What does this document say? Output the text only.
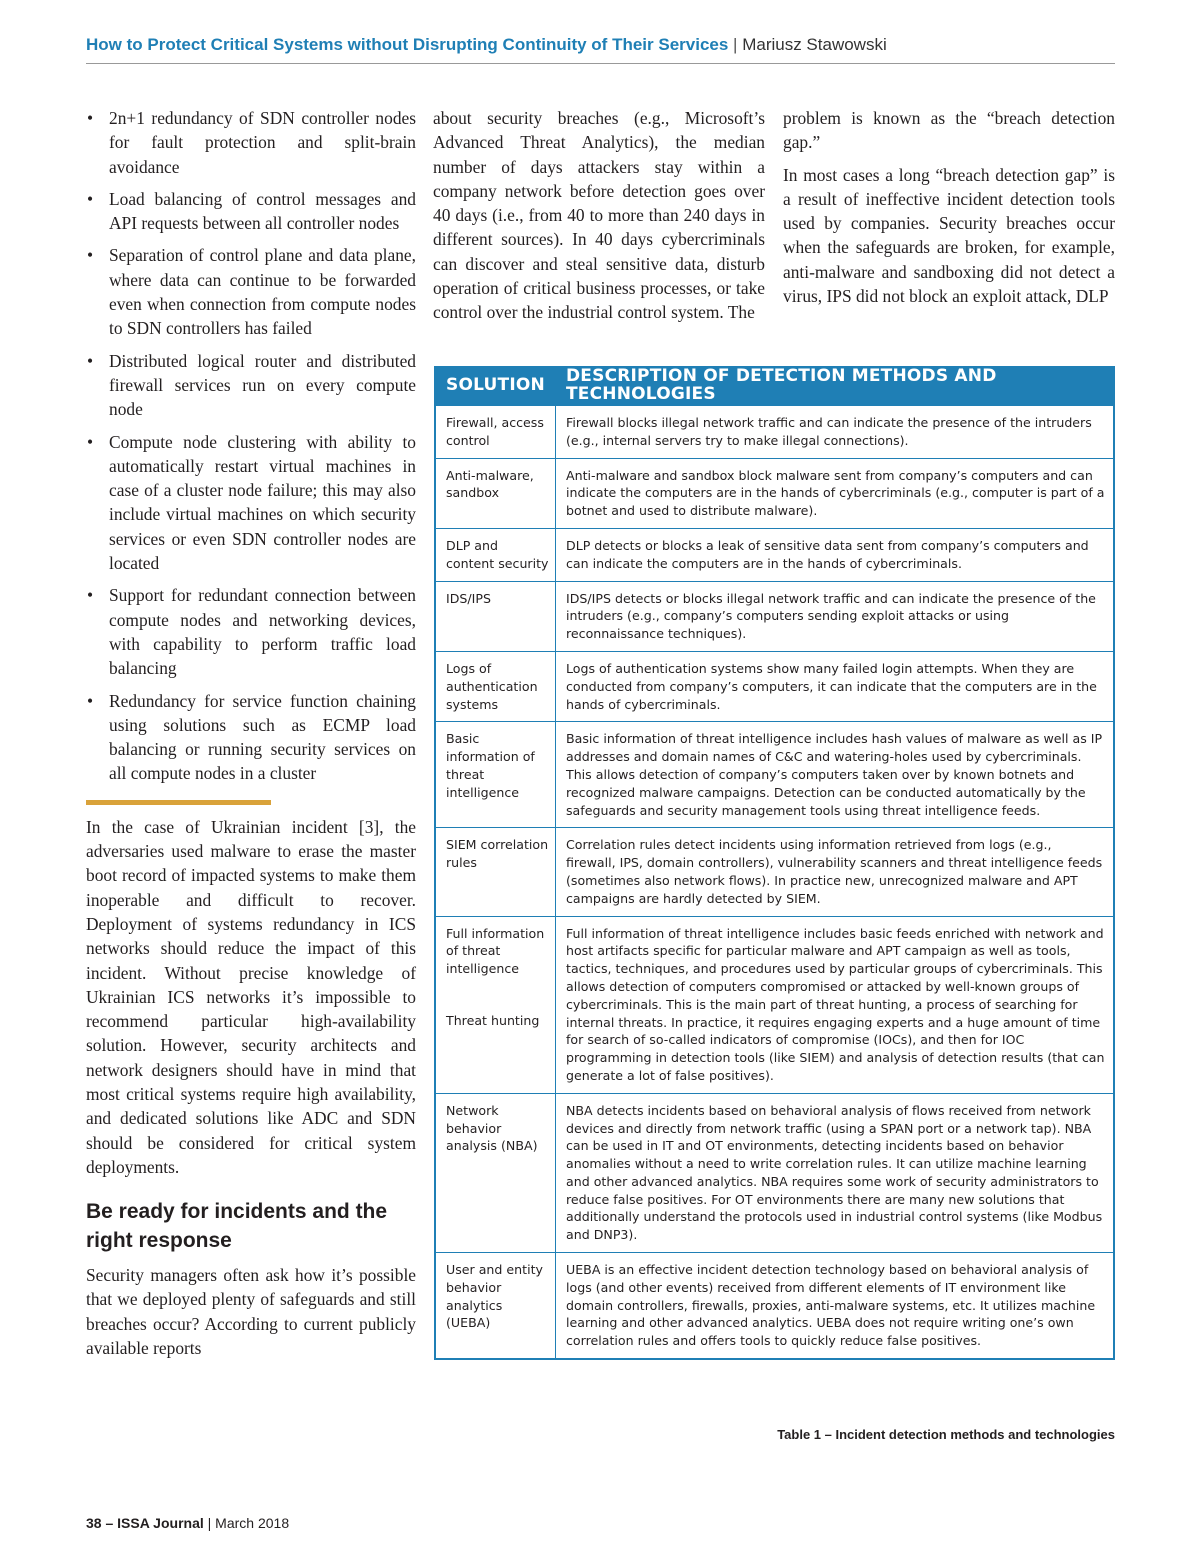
How to Protect Critical Systems without Disrupting Continuity of Their Services | Mariusz Stawowski
• 2n+1 redundancy of SDN controller nodes for fault protection and split-brain avoidance
• Load balancing of control messages and API requests between all controller nodes
• Separation of control plane and data plane, where data can continue to be forwarded even when connection from compute nodes to SDN controllers has failed
• Distributed logical router and distributed firewall services run on every compute node
• Compute node clustering with ability to automatically restart virtual machines in case of a cluster node failure; this may also include virtual machines on which security services or even SDN controller nodes are located
• Support for redundant connection between compute nodes and networking devices, with capability to perform traffic load balancing
• Redundancy for service function chaining using solutions such as ECMP load balancing or running security services on all compute nodes in a cluster

In the case of Ukrainian incident [3], the adversaries used malware to erase the master boot record of impacted systems to make them inoperable and difficult to recover. Deployment of systems redundancy in ICS networks should reduce the impact of this incident. Without precise knowledge of Ukrainian ICS networks it’s impossible to recommend particular high-availability solution. However, security architects and network designers should have in mind that most critical systems require high availability, and dedicated solutions like ADC and SDN should be considered for critical system deployments.

Be ready for incidents and the right response

Security managers often ask how it’s possible that we deployed plenty of safeguards and still breaches occur? According to current publicly available reports

about security breaches (e.g., Microsoft’s Advanced Threat Analytics), the median number of days attackers stay within a company network before detection goes over 40 days (i.e., from 40 to more than 240 days in different sources). In 40 days cybercriminals can discover and steal sensitive data, disturb operation of critical business processes, or take control over the industrial control system. The

problem is known as the “breach detection gap.”

In most cases a long “breach detection gap” is a result of ineffective incident detection tools used by companies. Security breaches occur when the safeguards are broken, for example, anti-malware and sandboxing did not detect a virus, IPS did not block an exploit attack, DLP

SOLUTION	DESCRIPTION OF DETECTION METHODS AND TECHNOLOGIES
Firewall, access control
Firewall blocks illegal network traffic and can indicate the presence of the intruders (e.g., internal servers try to make illegal connections).
Anti-malware, sandbox
Anti-malware and sandbox block malware sent from company’s computers and can indicate the computers are in the hands of cybercriminals (e.g., computer is part of a botnet and used to distribute malware).
DLP and content security
DLP detects or blocks a leak of sensitive data sent from company’s computers and can indicate the computers are in the hands of cybercriminals.
IDS/IPS	IDS/IPS detects or blocks illegal network traffic and can indicate the presence of the intruders (e.g., company’s computers sending exploit attacks or using reconnaissance techniques).
Logs of authentication systems
Logs of authentication systems show many failed login attempts. When they are conducted from company’s computers, it can indicate that the computers are in the hands of cybercriminals.
Basic information of threat intelligence
Basic information of threat intelligence includes hash values of malware as well as IP addresses and domain names of C&C and watering-holes used by cybercriminals. This allows detection of company’s computers taken over by known botnets and recognized malware campaigns. Detection can be conducted automatically by the safeguards and security management tools using threat intelligence feeds.
SIEM correlation rules
Correlation rules detect incidents using information retrieved from logs (e.g., firewall, IPS, domain controllers), vulnerability scanners and threat intelligence feeds (sometimes also network flows). In practice new, unrecognized malware and APT campaigns are hardly detected by SIEM.
Full information of threat intelligence
Threat hunting
Full information of threat intelligence includes basic feeds enriched with network and host artifacts specific for particular malware and APT campaign as well as tools, tactics, techniques, and procedures used by particular groups of cybercriminals. This allows detection of computers compromised or attacked by well-known groups of cybercriminals. This is the main part of threat hunting, a process of searching for internal threats. In practice, it requires engaging experts and a huge amount of time for search of so-called indicators of compromise (IOCs), and then for IOC programming in detection tools (like SIEM) and analysis of detection results (that can generate a lot of false positives).
Network behavior analysis (NBA)
NBA detects incidents based on behavioral analysis of flows received from network devices and directly from network traffic (using a SPAN port or a network tap). NBA can be used in IT and OT environments, detecting incidents based on behavior anomalies without a need to write correlation rules. It can utilize machine learning and other advanced analytics. NBA requires some work of security administrators to reduce false positives. For OT environments there are many new solutions that additionally understand the protocols used in industrial control systems (like Modbus and DNP3).
User and entity behavior analytics (UEBA)
UEBA is an effective incident detection technology based on behavioral analysis of logs (and other events) received from different elements of IT environment like domain controllers, firewalls, proxies, anti-malware systems, etc. It utilizes machine learning and other advanced analytics. UEBA does not require writing one’s own correlation rules and offers tools to quickly reduce false positives.
Table 1 – Incident detection methods and technologies
38 – ISSA Journal | March 2018
